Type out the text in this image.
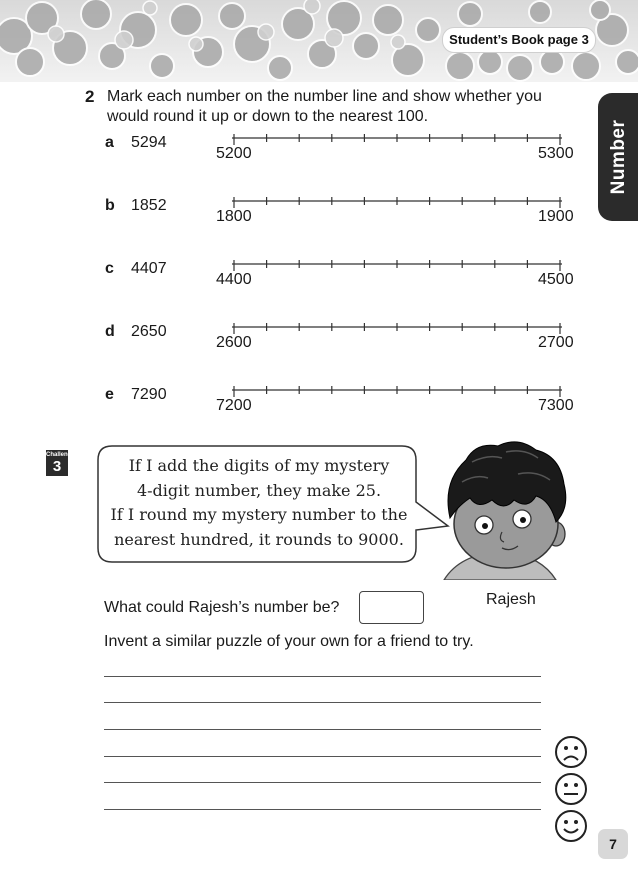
Student’s Book page 3
Number
2 Mark each number on the number line and show whether you would round it up or down to the nearest 100.
a 5294
5200	5300
b 1852
1800	1900
c 4407
4400	4500
d 2650
2600	2700
e 7290
7200	7300
Challenge
3	If I add the digits of my mystery
4-digit number, they make 25.
If I round my mystery number to the
nearest hundred, it rounds to 9000.
Rajesh
What could Rajesh’s number be?
Invent a similar puzzle of your own for a friend to try.
7
